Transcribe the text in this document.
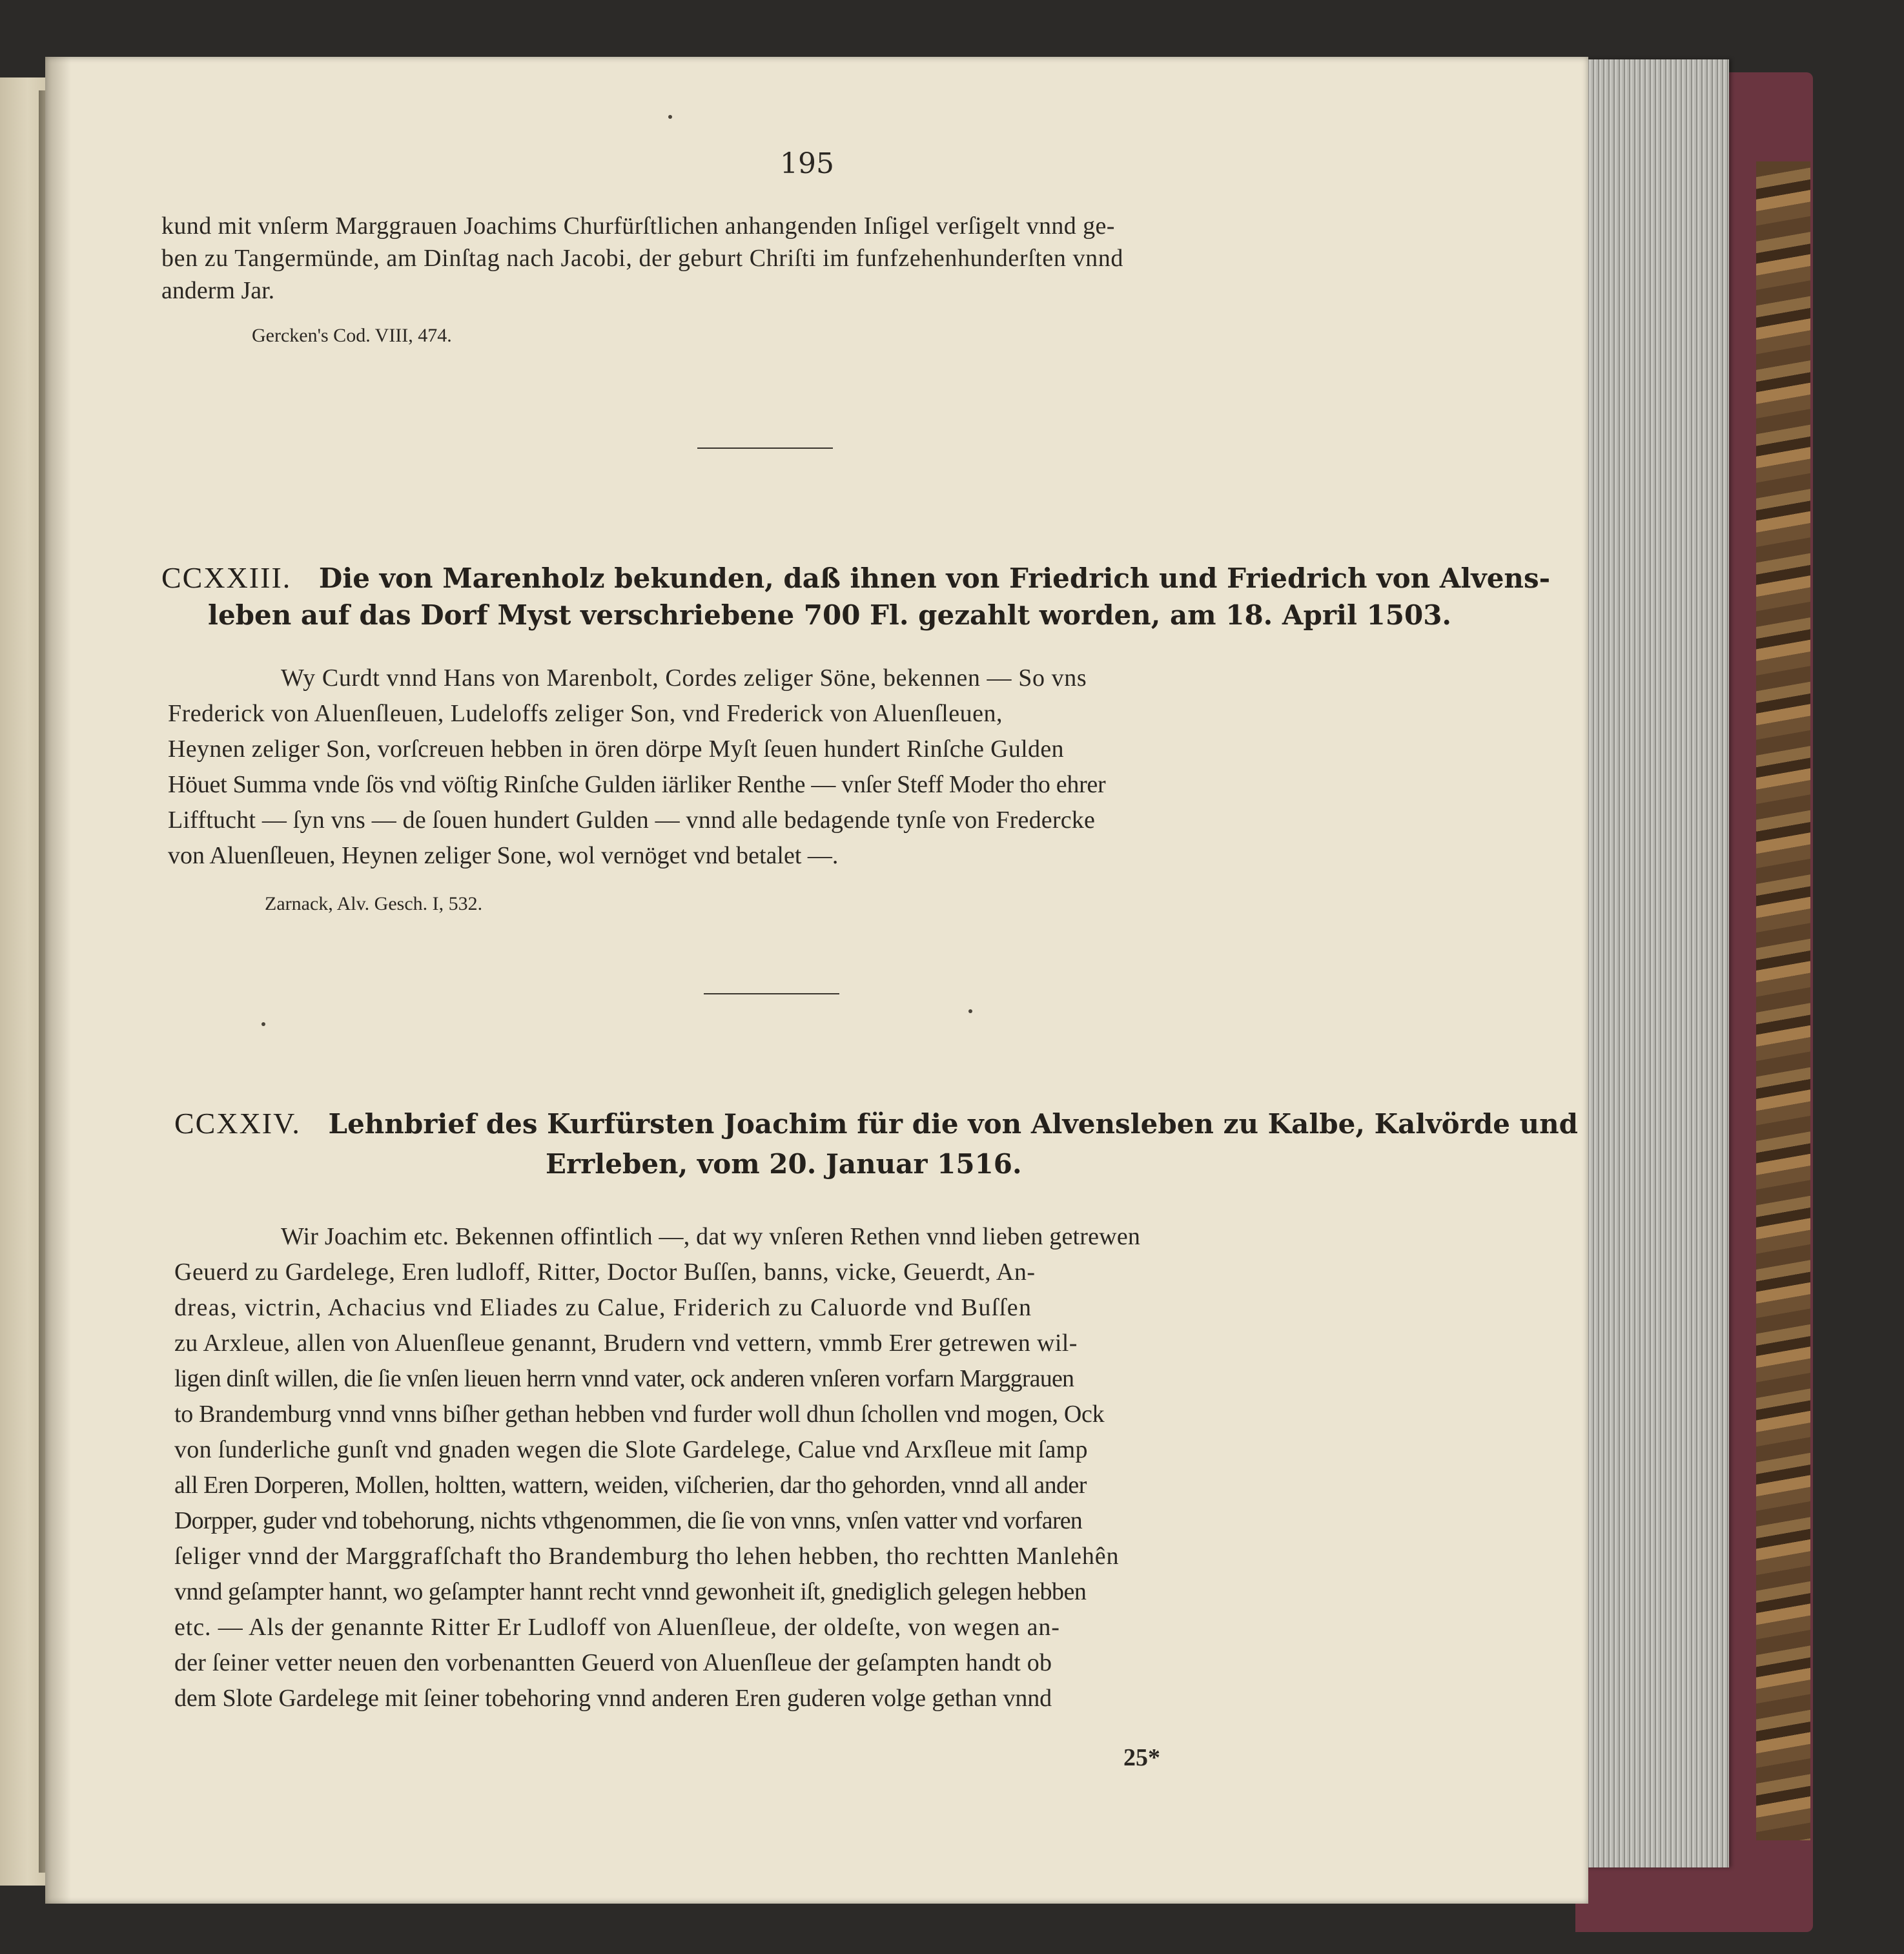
195
kund mit vnſerm Marggrauen Joachims Churfürſtlichen anhangenden Inſigel verſigelt vnnd ge-
ben zu Tangermünde, am Dinſtag nach Jacobi, der geburt Chriſti im funfzehenhunderſten vnnd
anderm Jar.
Gercken's Cod. VIII, 474.
CCXXIII. Die von Marenholz bekunden, daß ihnen von Friedrich und Friedrich von Alvens-
leben auf das Dorf Myst verschriebene 700 Fl. gezahlt worden, am 18. April 1503.
Wy Curdt vnnd Hans von Marenbolt, Cordes zeliger Söne, bekennen — So vns
Frederick von Aluenſleuen, Ludeloffs zeliger Son, vnd Frederick von Aluenſleuen,
Heynen zeliger Son, vorſcreuen hebben in ören dörpe Myſt ſeuen hundert Rinſche Gulden
Höuet Summa vnde ſös vnd vöſtig Rinſche Gulden iärliker Renthe — vnſer Steff Moder tho ehrer
Lifftucht — ſyn vns — de ſouen hundert Gulden — vnnd alle bedagende tynſe von Fredercke
von Aluenſleuen, Heynen zeliger Sone, wol vernöget vnd betalet —.
Zarnack, Alv. Gesch. I, 532.
CCXXIV. Lehnbrief des Kurfürsten Joachim für die von Alvensleben zu Kalbe, Kalvörde und
Errleben, vom 20. Januar 1516.
Wir Joachim etc. Bekennen offintlich —, dat wy vnſeren Rethen vnnd lieben getrewen
Geuerd zu Gardelege, Eren ludloff, Ritter, Doctor Buſſen, banns, vicke, Geuerdt, An-
dreas, victrin, Achacius vnd Eliades zu Calue, Friderich zu Caluorde vnd Buſſen
zu Arxleue, allen von Aluenſleue genannt, Brudern vnd vettern, vmmb Erer getrewen wil-
ligen dinſt willen, die ſie vnſen lieuen herrn vnnd vater, ock anderen vnſeren vorfarn Marggrauen
to Brandemburg vnnd vnns biſher gethan hebben vnd furder woll dhun ſchollen vnd mogen, Ock
von ſunderliche gunſt vnd gnaden wegen die Slote Gardelege, Calue vnd Arxſleue mit ſamp
all Eren Dorperen, Mollen, holtten, wattern, weiden, viſcherien, dar tho gehorden, vnnd all ander
Dorpper, guder vnd tobehorung, nichts vthgenommen, die ſie von vnns, vnſen vatter vnd vorfaren
ſeliger vnnd der Marggrafſchaft tho Brandemburg tho lehen hebben, tho rechtten Manlehên
vnnd geſampter hannt, wo geſampter hannt recht vnnd gewonheit iſt, gnediglich gelegen hebben
etc. — Als der genannte Ritter Er Ludloff von Aluenſleue, der oldeſte, von wegen an-
der ſeiner vetter neuen den vorbenantten Geuerd von Aluenſleue der geſampten handt ob
dem Slote Gardelege mit ſeiner tobehoring vnnd anderen Eren guderen volge gethan vnnd
25*
